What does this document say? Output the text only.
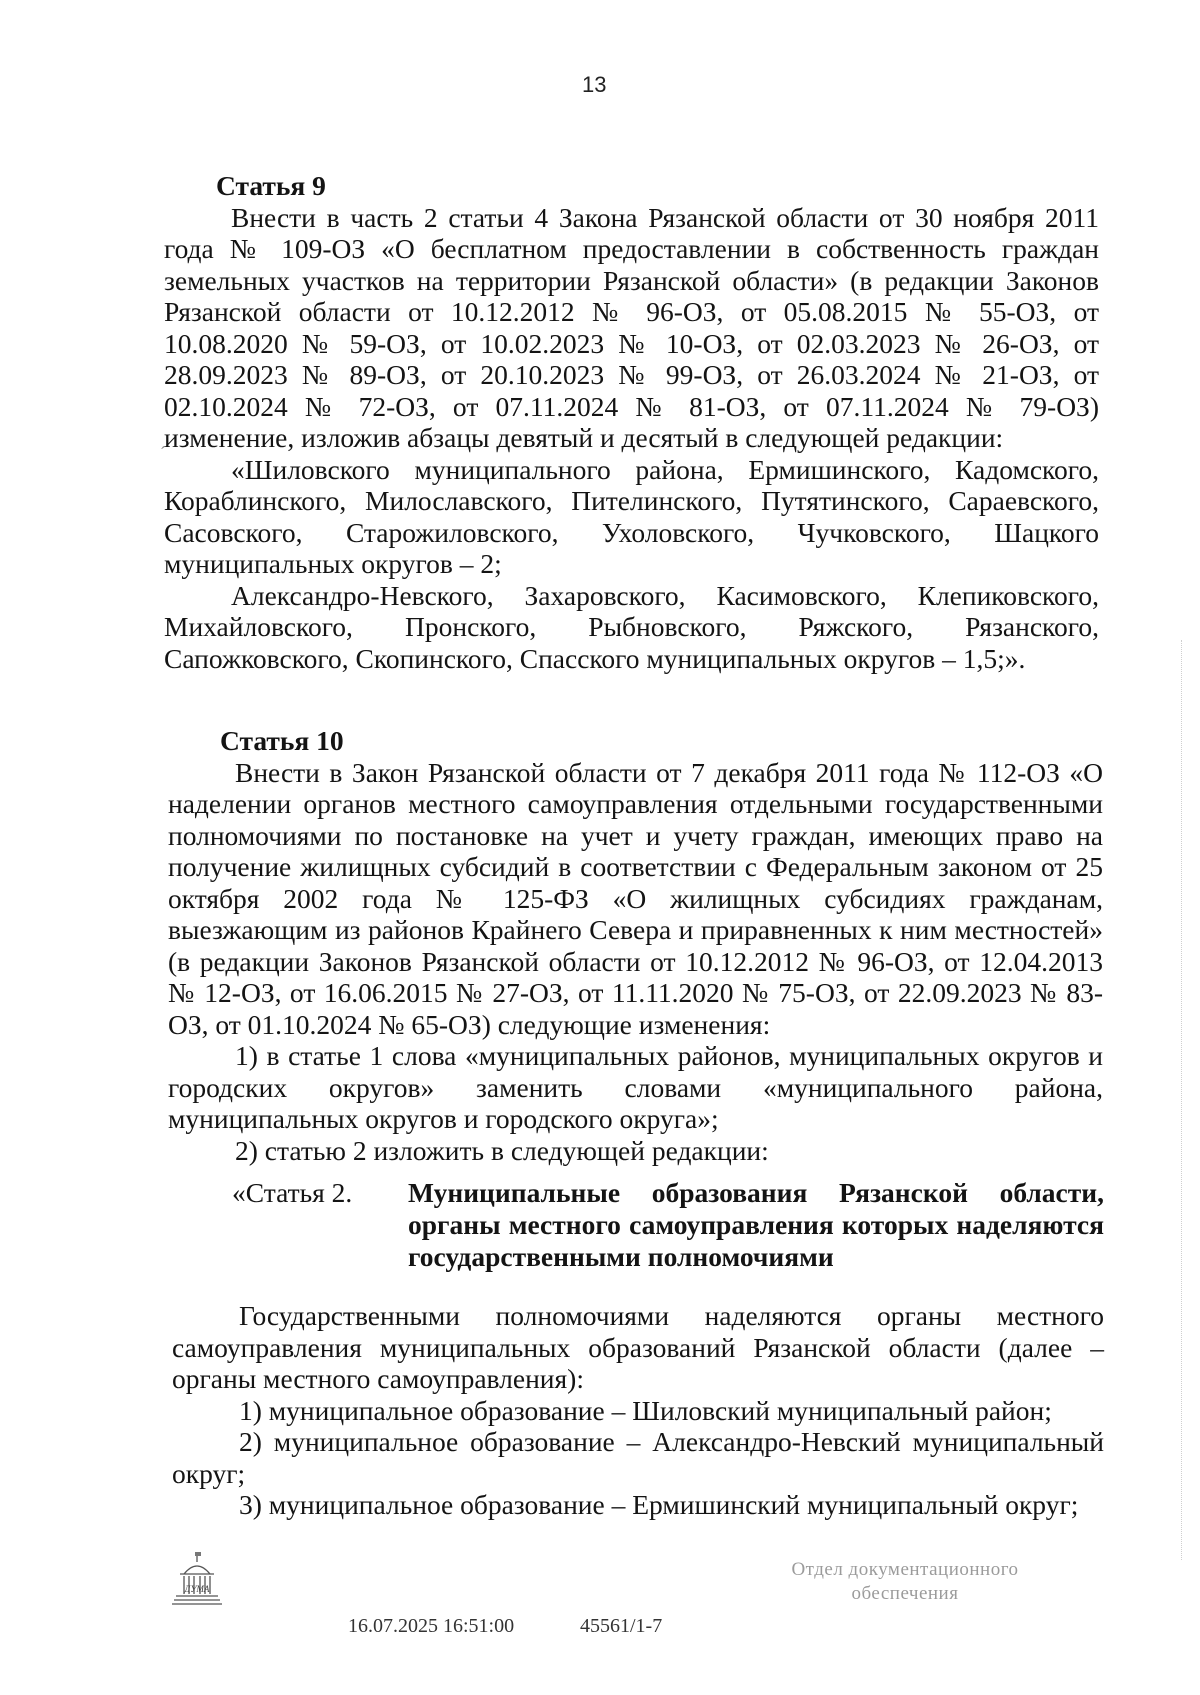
13
´

Статья 9

Внести в часть 2 статьи 4 Закона Рязанской области от 30 ноября 2011 года № 109-ОЗ «О бесплатном предоставлении в собственность граждан земельных участков на территории Рязанской области» (в редакции Законов Рязанской области от 10.12.2012 № 96-ОЗ, от 05.08.2015 № 55-ОЗ, от 10.08.2020 № 59-ОЗ, от 10.02.2023 № 10-ОЗ, от 02.03.2023 № 26-ОЗ, от 28.09.2023 № 89-ОЗ, от 20.10.2023 № 99-ОЗ, от 26.03.2024 № 21-ОЗ, от 02.10.2024 № 72-ОЗ, от 07.11.2024 № 81-ОЗ, от 07.11.2024 № 79-ОЗ) изменение, изложив абзацы девятый и десятый в следующей редакции:

«Шиловского муниципального района, Ермишинского, Кадомского, Кораблинского, Милославского, Пителинского, Путятинского, Сараевского, Сасовского, Старожиловского, Ухоловского, Чучковского, Шацкого муниципальных округов – 2;

Александро-Невского, Захаровского, Касимовского, Клепиковского, Михайловского, Пронского, Рыбновского, Ряжского, Рязанского, Сапожковского, Скопинского, Спасского муниципальных округов – 1,5;».

Статья 10

Внести в Закон Рязанской области от 7 декабря 2011 года № 112-ОЗ «О наделении органов местного самоуправления отдельными государственными полномочиями по постановке на учет и учету граждан, имеющих право на получение жилищных субсидий в соответствии с Федеральным законом от 25 октября 2002 года № 125-ФЗ «О жилищных субсидиях гражданам, выезжающим из районов Крайнего Севера и приравненных к ним местностей» (в редакции Законов Рязанской области от 10.12.2012 № 96-ОЗ, от 12.04.2013 № 12-ОЗ, от 16.06.2015 № 27-ОЗ, от 11.11.2020 № 75-ОЗ, от 22.09.2023 № 83-ОЗ, от 01.10.2024 № 65-ОЗ) следующие изменения:

1) в статье 1 слова «муниципальных районов, муниципальных округов и городских округов» заменить словами «муниципального района, муниципальных округов и городского округа»;

2) статью 2 изложить в следующей редакции:

«Статья 2.	Муниципальные образования Рязанской области, органы местного самоуправления которых наделяются государственными полномочиями

Государственными полномочиями наделяются органы местного самоуправления муниципальных образований Рязанской области (далее – органы местного самоуправления):

1) муниципальное образование – Шиловский муниципальный район;

2) муниципальное образование – Александро-Невский муниципальный округ;

3) муниципальное образование – Ермишинский муниципальный округ;

ДУМА
16.07.2025 16:51:00	45561/1-7
Отдел документационного
обеспечения
